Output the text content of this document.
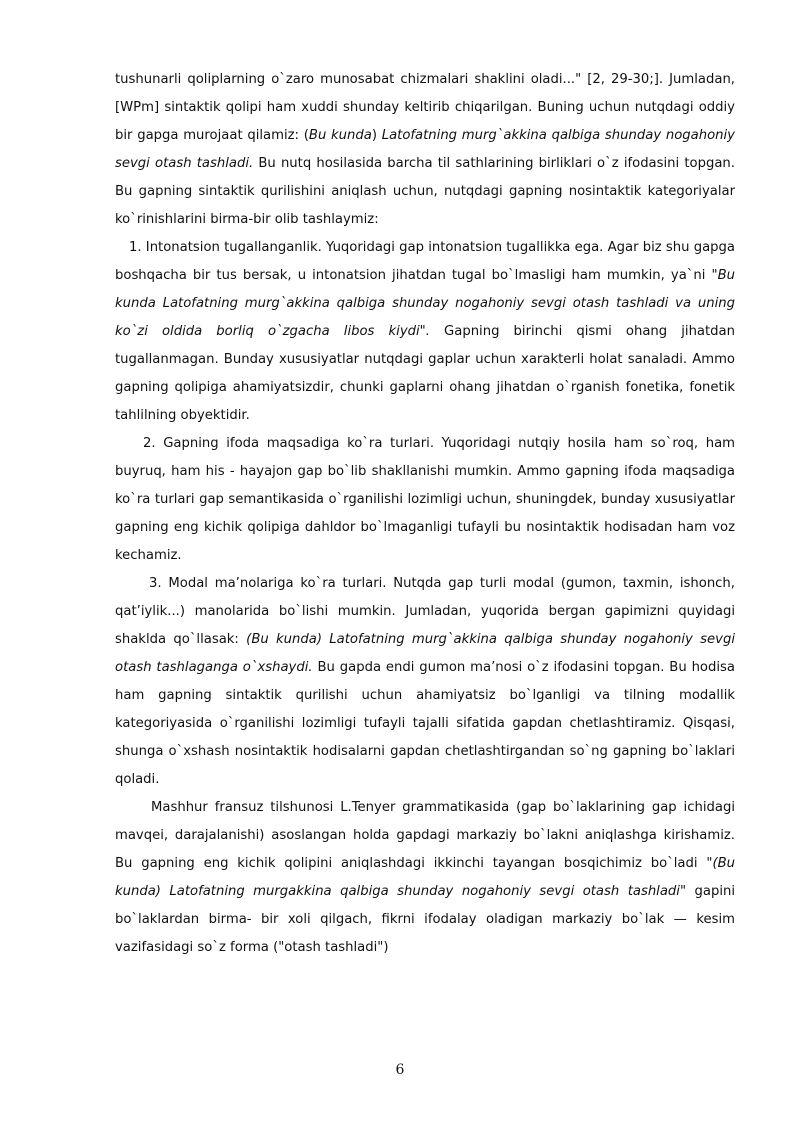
tushunarli qoliplarning o`zaro munosabat chizmalari shaklini oladi..." [2, 29-30;]. Jumladan, [WPm] sintaktik qolipi ham xuddi shunday keltirib chiqarilgan. Buning uchun nutqdagi oddiy bir gapga murojaat qilamiz: (Bu kunda) Latofatning murg`akkina qalbiga shunday nogahoniy sevgi otash tashladi. Bu nutq hosilasida barcha til sathlarining birliklari o`z ifodasini topgan. Bu gapning sintaktik qurilishini aniqlash uchun, nutqdagi gapning nosintaktik kategoriyalar ko`rinishlarini birma-bir olib tashlaymiz:

1. Intonatsion tugallanganlik. Yuqoridagi gap intonatsion tugallikka ega. Agar biz shu gapga boshqacha bir tus bersak, u intonatsion jihatdan tugal bo`lmasligi ham mumkin, ya`ni "Bu kunda Latofatning murg`akkina qalbiga shunday nogahoniy sevgi otash tashladi va uning ko`zi oldida borliq o`zgacha libos kiydi". Gapning birinchi qismi ohang jihatdan tugallanmagan. Bunday xususiyatlar nutqdagi gaplar uchun xarakterli holat sanaladi. Ammo gapning qolipiga ahamiyatsizdir, chunki gaplarni ohang jihatdan o`rganish fonetika, fonetik tahlilning obyektidir.

2. Gapning ifoda maqsadiga ko`ra turlari. Yuqoridagi nutqiy hosila ham so`roq, ham buyruq, ham his - hayajon gap bo`lib shakllanishi mumkin. Ammo gapning ifoda maqsadiga ko`ra turlari gap semantikasida o`rganilishi lozimligi uchun, shuningdek, bunday xususiyatlar gapning eng kichik qolipiga dahldor bo`lmaganligi tufayli bu nosintaktik hodisadan ham voz kechamiz.

3. Modal ma’nolariga ko`ra turlari. Nutqda gap turli modal (gumon, taxmin, ishonch, qat’iylik...) manolarida bo`lishi mumkin. Jumladan, yuqorida bergan gapimizni quyidagi shaklda qo`llasak: (Bu kunda) Latofatning murg`akkina qalbiga shunday nogahoniy sevgi otash tashlaganga o`xshaydi. Bu gapda endi gumon ma’nosi o`z ifodasini topgan. Bu hodisa ham gapning sintaktik qurilishi uchun ahamiyatsiz bo`lganligi va tilning modallik kategoriyasida o`rganilishi lozimligi tufayli tajalli sifatida gapdan chetlashtiramiz. Qisqasi, shunga o`xshash nosintaktik hodisalarni gapdan chetlashtirgandan so`ng gapning bo`laklari qoladi.

Mashhur fransuz tilshunosi L.Tenyer grammatikasida (gap bo`laklarining gap ichidagi mavqei, darajalanishi) asoslangan holda gapdagi markaziy bo`lakni aniqlashga kirishamiz. Bu gapning eng kichik qolipini aniqlashdagi ikkinchi tayangan bosqichimiz bo`ladi "(Bu kunda) Latofatning murgakkina qalbiga shunday nogahoniy sevgi otash tashladi" gapini bo`laklardan birma- bir xoli qilgach, fikrni ifodalay oladigan markaziy bo`lak — kesim vazifasidagi so`z forma ("otash tashladi")

6
